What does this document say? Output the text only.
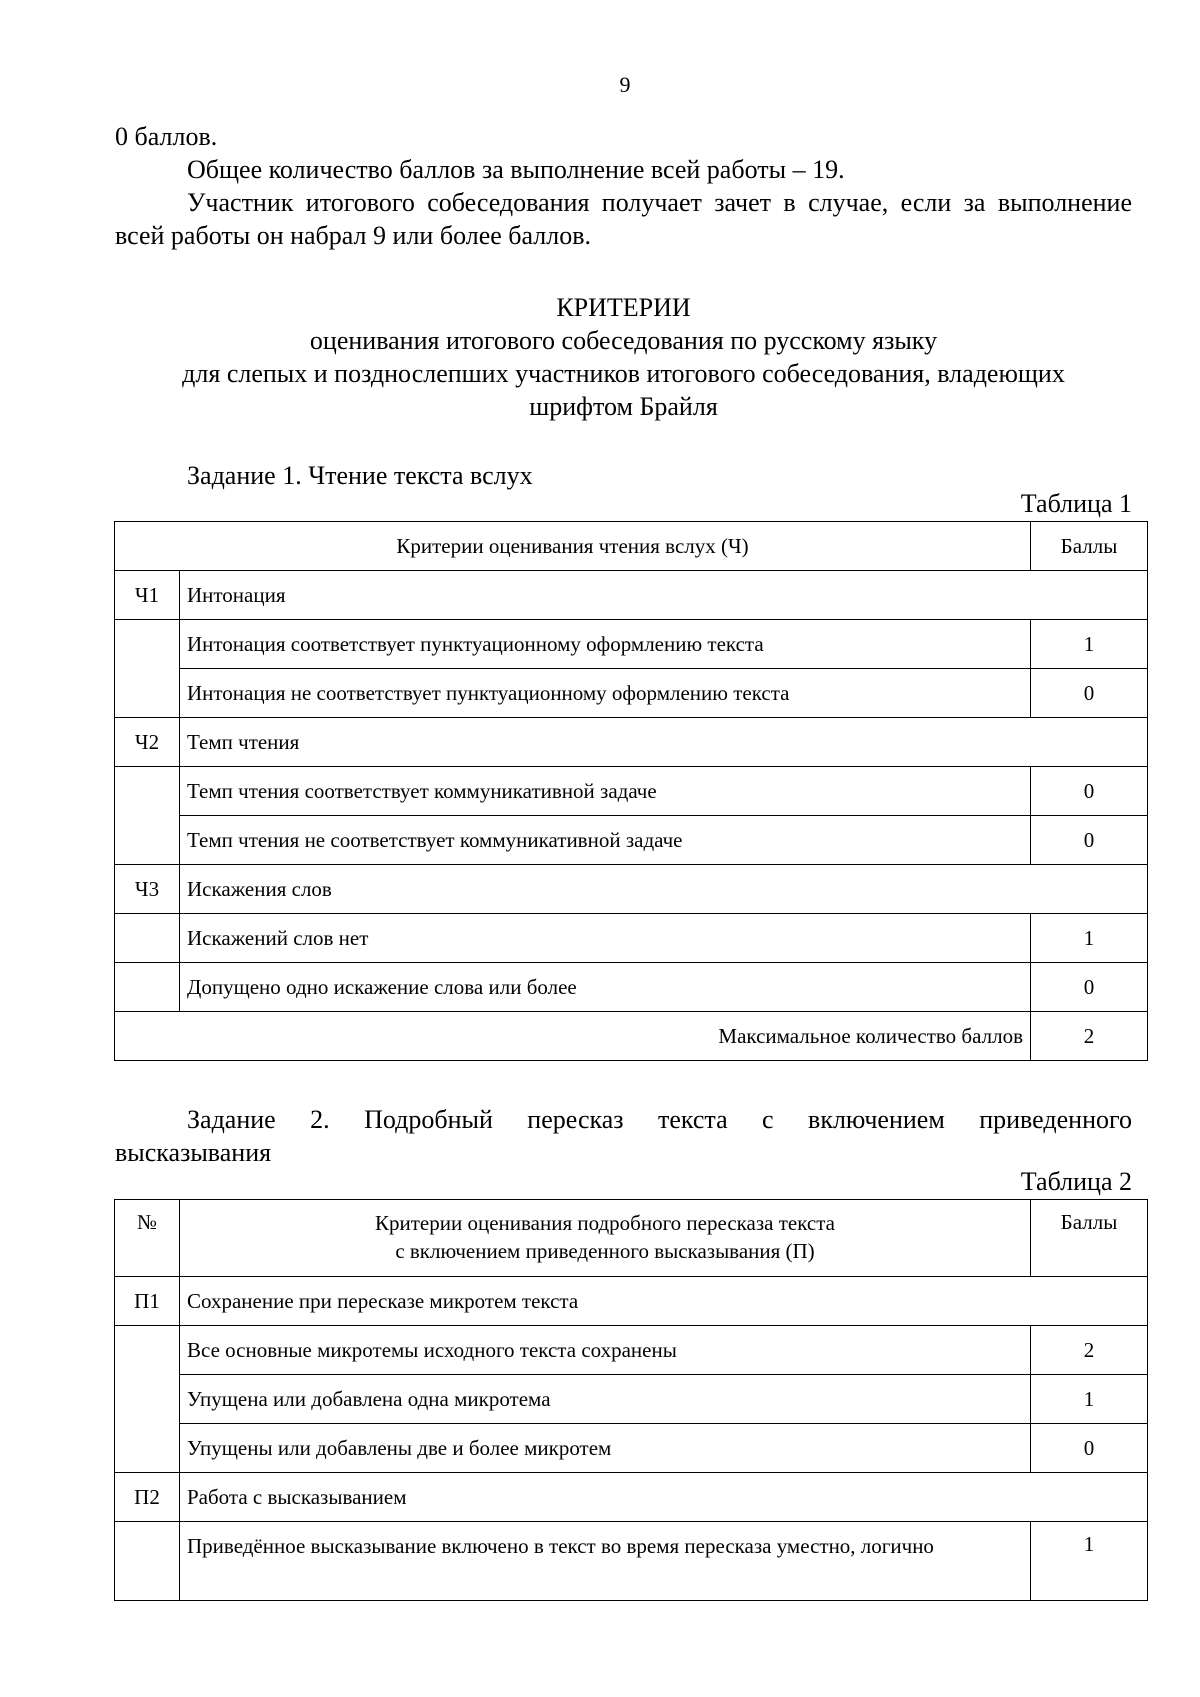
9
0 баллов.
Общее количество баллов за выполнение всей работы – 19.
Участник итогового собеседования получает зачет в случае, если за выполнение всей работы он набрал 9 или более баллов.
КРИТЕРИИ
оценивания итогового собеседования по русскому языку
для слепых и позднослепших участников итогового собеседования, владеющих
шрифтом Брайля
Задание 1. Чтение текста вслух
Таблица 1
Критерии оценивания чтения вслух (Ч)		Баллы
Ч1	Интонация	
	Интонация соответствует пунктуационному оформлению текста	1
	Интонация не соответствует пунктуационному оформлению текста	0
Ч2	Темп чтения	
	Темп чтения соответствует коммуникативной задаче	0
	Темп чтения не соответствует коммуникативной задаче	0
Ч3	Искажения слов	
	Искажений слов нет	1
	Допущено одно искажение слова или более	0
Максимальное количество баллов		2
Задание 2. Подробный пересказ текста с включением приведенного
высказывания
Таблица 2
№	Критерии оценивания подробного пересказа текста
с включением приведенного высказывания (П)	Баллы
П1	Сохранение при пересказе микротем текста	
	Все основные микротемы исходного текста сохранены	2
	Упущена или добавлена одна микротема	1
	Упущены или добавлены две и более микротем	0
П2	Работа с высказыванием	
	Приведённое высказывание включено в текст во время пересказа уместно, логично	1
